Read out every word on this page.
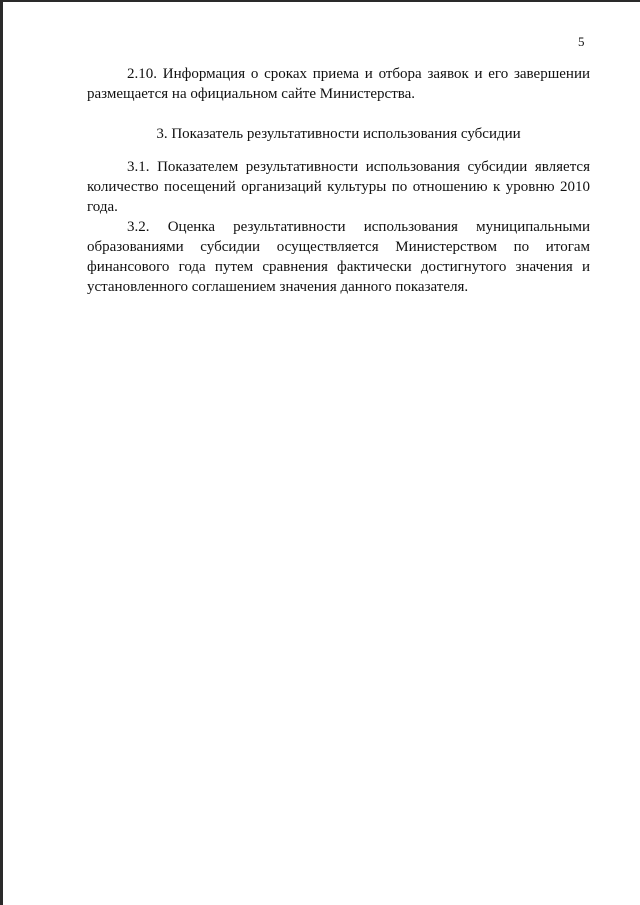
5

2.10. Информация о сроках приема и отбора заявок и его завершении размещается на официальном сайте Министерства.

3. Показатель результативности использования субсидии

3.1. Показателем результативности использования субсидии является количество посещений организаций культуры по отношению к уровню 2010 года.

3.2. Оценка результативности использования муниципальными образованиями субсидии осуществляется Министерством по итогам финансового года путем сравнения фактически достигнутого значения и установленного соглашением значения данного показателя.
